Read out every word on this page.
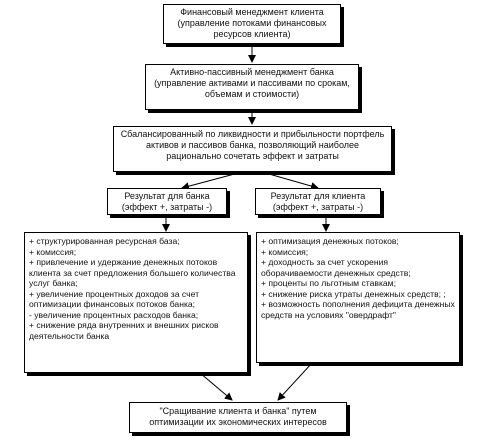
Финансовый менеджмент клиента (управление потоками финансовых ресурсов клиента)
Активно-пассивный менеджмент банка (управление активами и пассивами по срокам, объемам и стоимости)
Сбалансированный по ликвидности и прибыльности портфель активов и пассивов банка, позволяющий наиболее рационально сочетать эффект и затраты
Результат для банка (эффект +, затраты -)
Результат для клиента (эффект +, затраты -)
+ структурированная ресурсная база;
+ комиссия;
+ привлечение и удержание денежных потоков клиента за счет предложения большего количества услуг банка;
+ увеличение процентных доходов за счет оптимизации финансовых потоков банка;
- увеличение процентных расходов банка;
+ снижение ряда внутренних и внешних рисков деятельности банка
+ оптимизация денежных потоков;
+ комиссия;
+ доходность за счет ускорения оборачиваемости денежных средств;
+ проценты по льготным ставкам;
+ снижение риска утраты денежных средств; ;
+ возможность пополнения дефицита денежных средств на условиях "овердрафт"
"Сращивание клиента и банка" путем оптимизации их экономических интересов
